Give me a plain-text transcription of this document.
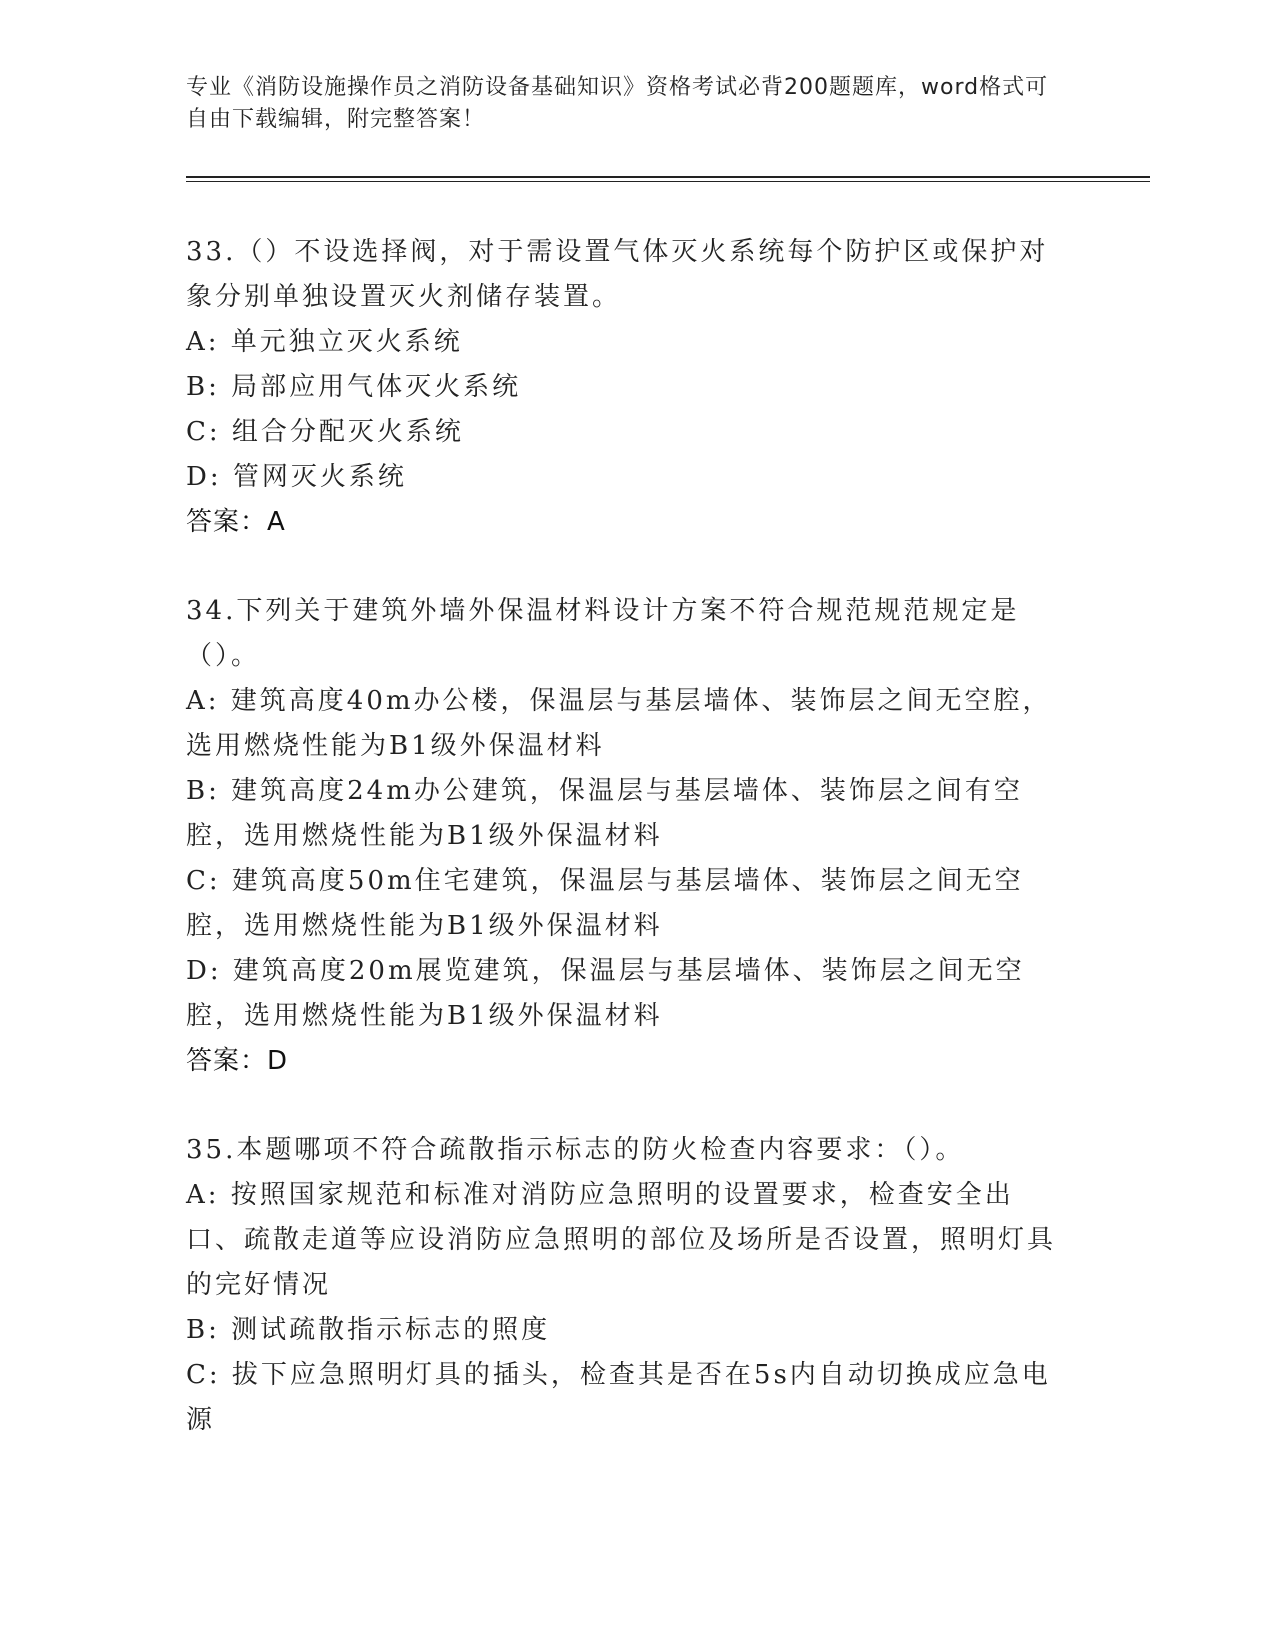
专业《消防设施操作员之消防设备基础知识》资格考试必背200题题库，word格式可自由下载编辑，附完整答案！

33.（）不设选择阀，对于需设置气体灭火系统每个防护区或保护对象分别单独设置灭火剂储存装置。

A: 单元独立灭火系统

B: 局部应用气体灭火系统

C: 组合分配灭火系统

D: 管网灭火系统

答案：A

34.下列关于建筑外墙外保温材料设计方案不符合规范规范规定是（）。

A: 建筑高度40m办公楼，保温层与基层墙体、装饰层之间无空腔，选用燃烧性能为B1级外保温材料

B: 建筑高度24m办公建筑，保温层与基层墙体、装饰层之间有空腔，选用燃烧性能为B1级外保温材料

C: 建筑高度50m住宅建筑，保温层与基层墙体、装饰层之间无空腔，选用燃烧性能为B1级外保温材料

D: 建筑高度20m展览建筑，保温层与基层墙体、装饰层之间无空腔，选用燃烧性能为B1级外保温材料

答案：D

35.本题哪项不符合疏散指示标志的防火检查内容要求：（）。

A: 按照国家规范和标准对消防应急照明的设置要求，检查安全出口、疏散走道等应设消防应急照明的部位及场所是否设置，照明灯具的完好情况

B: 测试疏散指示标志的照度

C: 拔下应急照明灯具的插头，检查其是否在5s内自动切换成应急电源
